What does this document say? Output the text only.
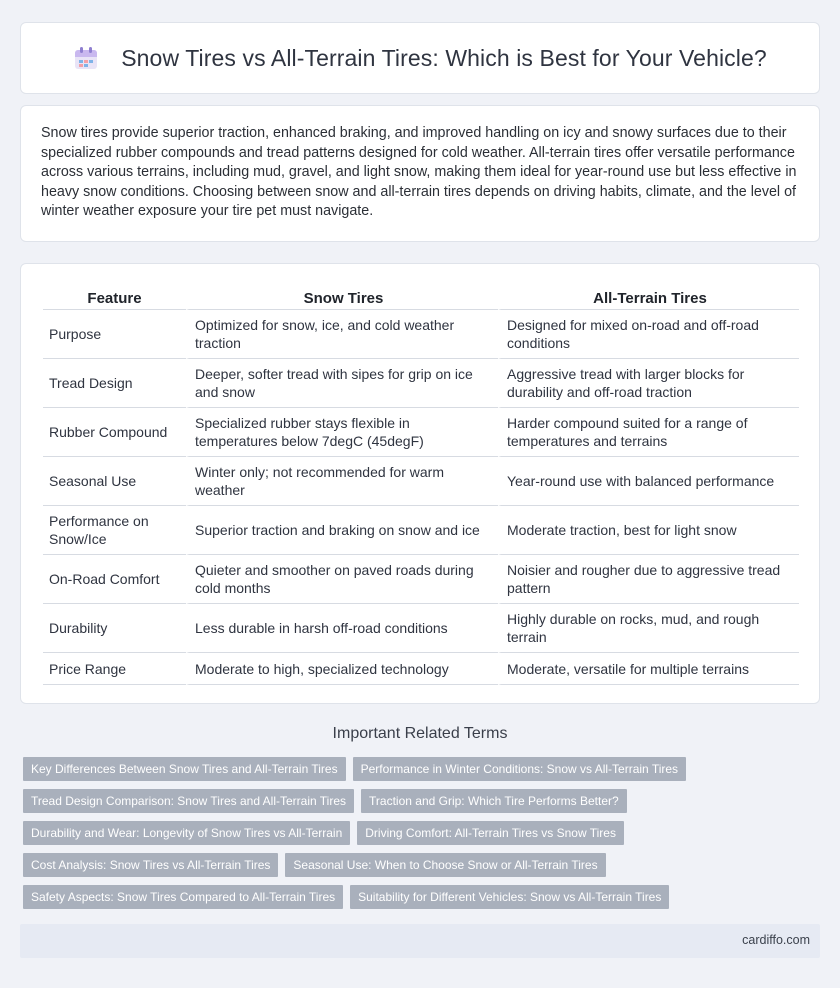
Snow Tires vs All-Terrain Tires: Which is Best for Your Vehicle?

Snow tires provide superior traction, enhanced braking, and improved handling on icy and snowy surfaces due to their specialized rubber compounds and tread patterns designed for cold weather. All-terrain tires offer versatile performance across various terrains, including mud, gravel, and light snow, making them ideal for year-round use but less effective in heavy snow conditions. Choosing between snow and all-terrain tires depends on driving habits, climate, and the level of winter weather exposure your tire pet must navigate.

Feature	Snow Tires	All-Terrain Tires
Purpose	Optimized for snow, ice, and cold weather traction	Designed for mixed on-road and off-road conditions
Tread Design	Deeper, softer tread with sipes for grip on ice and snow	Aggressive tread with larger blocks for durability and off-road traction
Rubber Compound	Specialized rubber stays flexible in temperatures below 7degC (45degF)	Harder compound suited for a range of temperatures and terrains
Seasonal Use	Winter only; not recommended for warm weather	Year-round use with balanced performance
Performance on Snow/Ice	Superior traction and braking on snow and ice	Moderate traction, best for light snow
On-Road Comfort	Quieter and smoother on paved roads during cold months	Noisier and rougher due to aggressive tread pattern
Durability	Less durable in harsh off-road conditions	Highly durable on rocks, mud, and rough terrain
Price Range	Moderate to high, specialized technology	Moderate, versatile for multiple terrains
Important Related Terms
Key Differences Between Snow Tires and All-Terrain Tires	Performance in Winter Conditions: Snow vs All-Terrain Tires
Tread Design Comparison: Snow Tires and All-Terrain Tires	Traction and Grip: Which Tire Performs Better?
Durability and Wear: Longevity of Snow Tires vs All-Terrain	Driving Comfort: All-Terrain Tires vs Snow Tires
Cost Analysis: Snow Tires vs All-Terrain Tires	Seasonal Use: When to Choose Snow or All-Terrain Tires
Safety Aspects: Snow Tires Compared to All-Terrain Tires	Suitability for Different Vehicles: Snow vs All-Terrain Tires
cardiffo.com
